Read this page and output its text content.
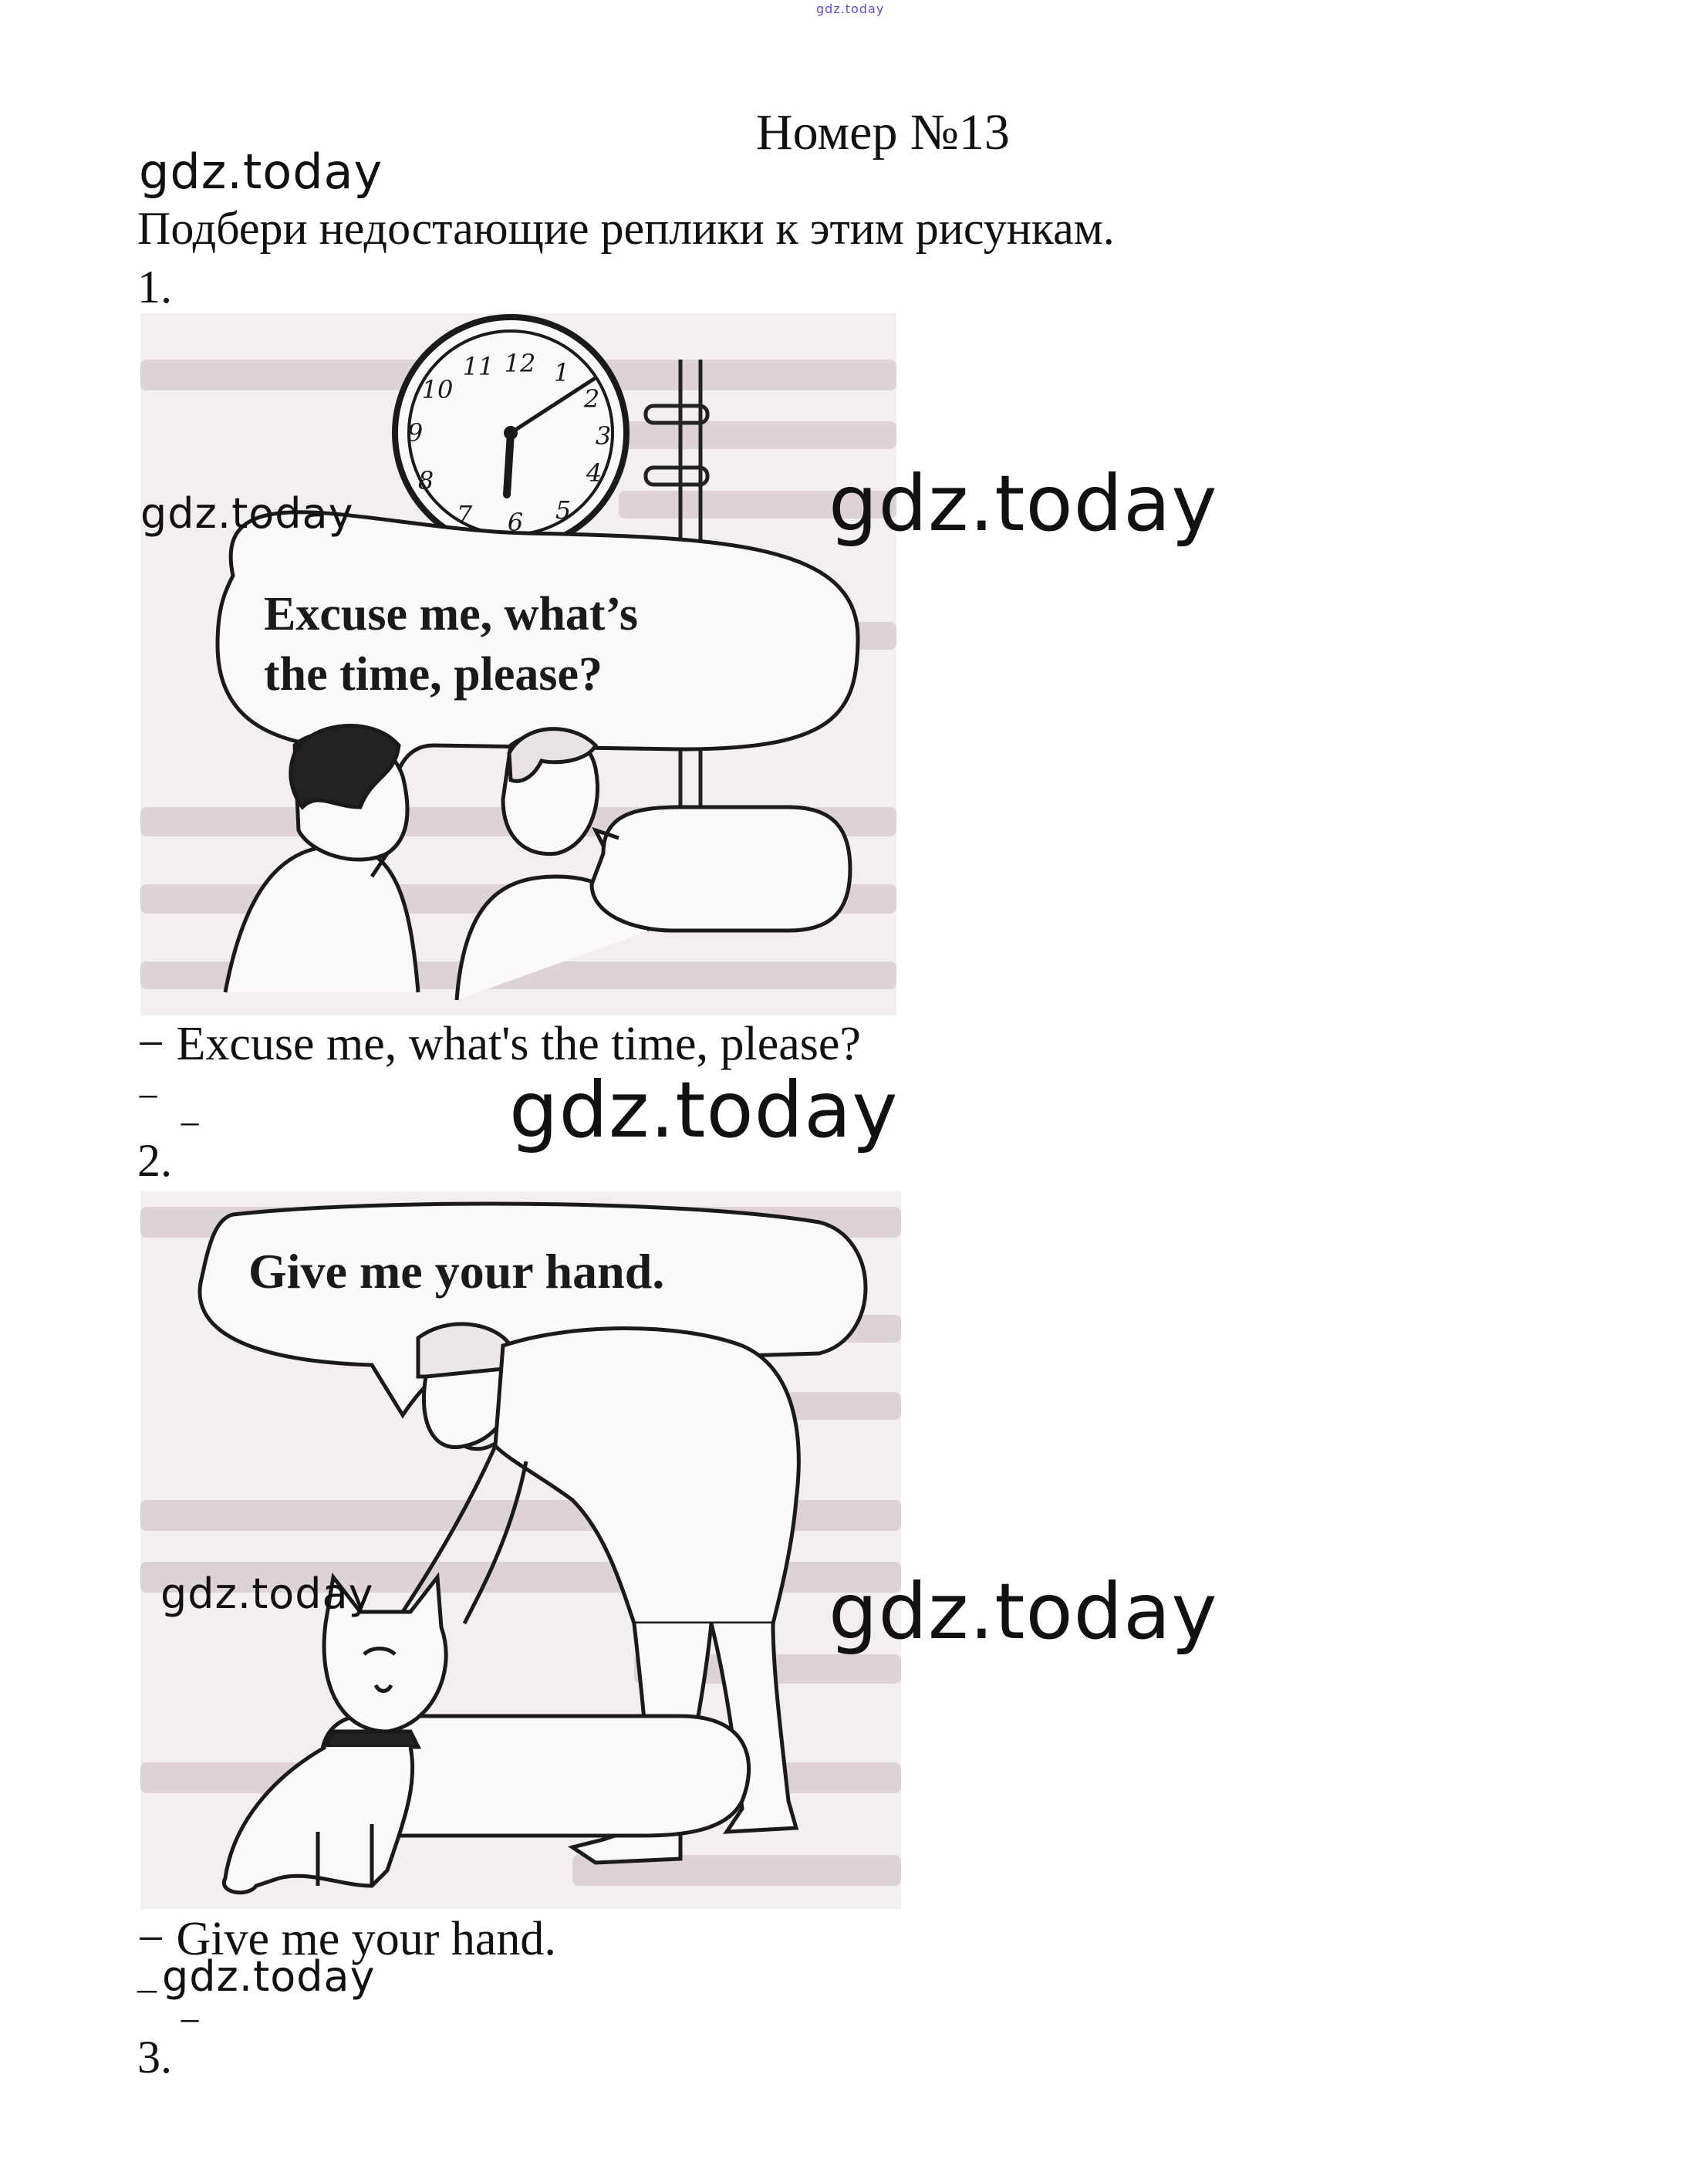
gdz.today
Номер №13
gdz.today
Подбери недостающие реплики к этим рисункам.
1.
12 1
2
3
4
5
6
7
8
9
10
11
Excuse me, what’s
the time, please?
gdz.today	gdz.today
− Excuse me, what's the time, please?
−
−	gdz.today
2.
Give me your hand.
gdz.today	gdz.today
− Give me your hand.
_ gdz.today
−
3.
